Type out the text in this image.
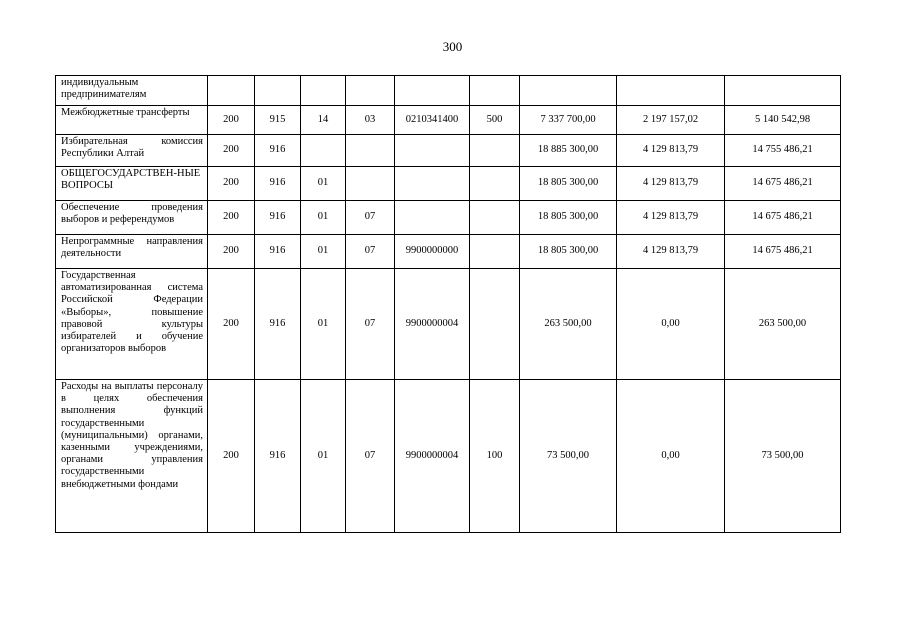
300
индивидуальным предпринимателям									
Межбюджетные трансферты	200	915	14	03	0210341400	500	7 337 700,00	2 197 157,02	5 140 542,98
Избирательная комиссия Республики Алтай	200	916					18 885 300,00	4 129 813,79	14 755 486,21
ОБЩЕГОСУДАРСТВЕН-НЫЕ ВОПРОСЫ	200	916	01				18 805 300,00	4 129 813,79	14 675 486,21
Обеспечение проведения выборов и референдумов	200	916	01	07			18 805 300,00	4 129 813,79	14 675 486,21
Непрограммные направления деятельности	200	916	01	07	9900000000		18 805 300,00	4 129 813,79	14 675 486,21
Государственная автоматизированная система Российской Федерации «Выборы», повышение правовой культуры избирателей и обучение организаторов выборов	200	916	01	07	9900000004		263 500,00	0,00	263 500,00
Расходы на выплаты персоналу в целях обеспечения выполнения функций государственными (муниципальными) органами, казенными учреждениями, органами управления государственными внебюджетными фондами	200	916	01	07	9900000004	100	73 500,00	0,00	73 500,00
